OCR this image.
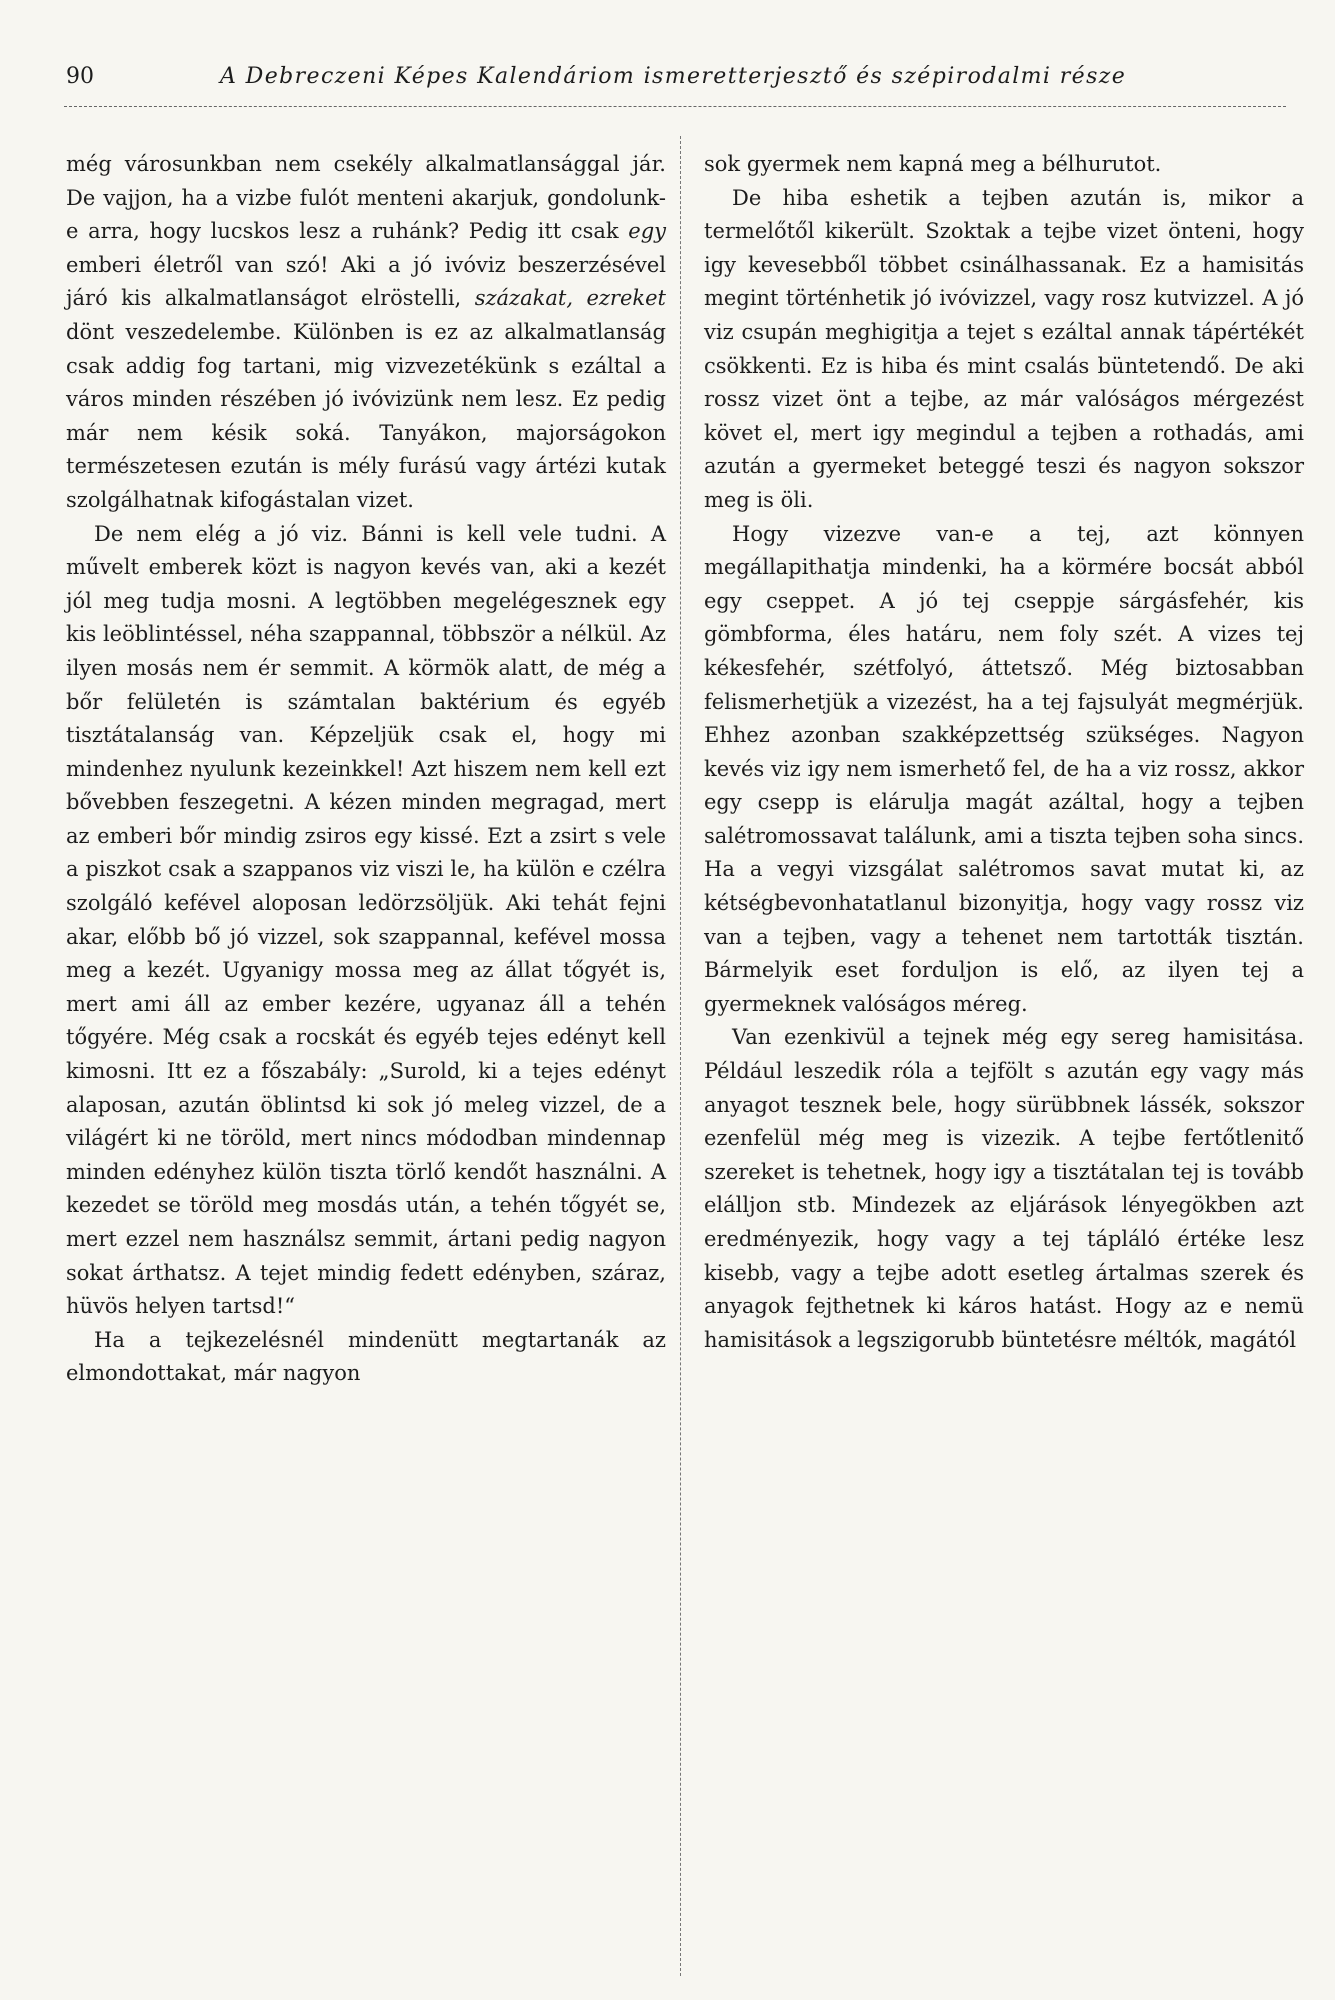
90	A Debreczeni Képes Kalendáriom ismeretterjesztő és szépirodalmi része

még városunkban nem csekély alkalmatlansággal jár. De vajjon, ha a vizbe fulót menteni akarjuk, gondolunk-e arra, hogy lucskos lesz a ruhánk? Pedig itt csak egy emberi életről van szó! Aki a jó ivóviz beszerzésével járó kis alkalmatlanságot elröstelli, százakat, ezreket dönt veszedelembe. Különben is ez az alkalmatlanság csak addig fog tartani, mig vizvezetékünk s ezáltal a város minden részében jó ivóvizünk nem lesz. Ez pedig már nem késik soká. Tanyákon, majorságokon természetesen ezután is mély furású vagy ártézi kutak szolgálhatnak kifogástalan vizet.

De nem elég a jó viz. Bánni is kell vele tudni. A művelt emberek közt is nagyon kevés van, aki a kezét jól meg tudja mosni. A legtöbben megelégesznek egy kis leöblintéssel, néha szappannal, többször a nélkül. Az ilyen mosás nem ér semmit. A körmök alatt, de még a bőr felületén is számtalan baktérium és egyéb tisztátalanság van. Képzeljük csak el, hogy mi mindenhez nyulunk kezeinkkel! Azt hiszem nem kell ezt bővebben feszegetni. A kézen minden megragad, mert az emberi bőr mindig zsiros egy kissé. Ezt a zsirt s vele a piszkot csak a szappanos viz viszi le, ha külön e czélra szolgáló kefével aloposan ledörzsöljük. Aki tehát fejni akar, előbb bő jó vizzel, sok szappannal, kefével mossa meg a kezét. Ugyanigy mossa meg az állat tőgyét is, mert ami áll az ember kezére, ugyanaz áll a tehén tőgyére. Még csak a rocskát és egyéb tejes edényt kell kimosni. Itt ez a főszabály: „Surold, ki a tejes edényt alaposan, azután öblintsd ki sok jó meleg vizzel, de a világért ki ne töröld, mert nincs módodban mindennap minden edényhez külön tiszta törlő kendőt használni. A kezedet se töröld meg mosdás után, a tehén tőgyét se, mert ezzel nem használsz semmit, ártani pedig nagyon sokat árthatsz. A tejet mindig fedett edényben, száraz, hüvös helyen tartsd!“

Ha a tejkezelésnél mindenütt megtartanák az elmondottakat, már nagyon

sok gyermek nem kapná meg a bélhurutot.

De hiba eshetik a tejben azután is, mikor a termelőtől kikerült. Szoktak a tejbe vizet önteni, hogy igy kevesebből többet csinálhassanak. Ez a hamisitás megint történhetik jó ivóvizzel, vagy rosz kutvizzel. A jó viz csupán meghigitja a tejet s ezáltal annak tápértékét csökkenti. Ez is hiba és mint csalás büntetendő. De aki rossz vizet önt a tejbe, az már valóságos mérgezést követ el, mert igy megindul a tejben a rothadás, ami azután a gyermeket beteggé teszi és nagyon sokszor meg is öli.

Hogy vizezve van-e a tej, azt könnyen megállapithatja mindenki, ha a körmére bocsát abból egy cseppet. A jó tej cseppje sárgásfehér, kis gömbforma, éles határu, nem foly szét. A vizes tej kékesfehér, szétfolyó, áttetsző. Még biztosabban felismerhetjük a vizezést, ha a tej fajsulyát megmérjük. Ehhez azonban szakképzettség szükséges. Nagyon kevés viz igy nem ismerhető fel, de ha a viz rossz, akkor egy csepp is elárulja magát azáltal, hogy a tejben salétromossavat találunk, ami a tiszta tejben soha sincs. Ha a vegyi vizsgálat salétromos savat mutat ki, az kétségbevonhatatlanul bizonyitja, hogy vagy rossz viz van a tejben, vagy a tehenet nem tartották tisztán. Bármelyik eset forduljon is elő, az ilyen tej a gyermeknek valóságos méreg.

Van ezenkivül a tejnek még egy sereg hamisitása. Például leszedik róla a tejfölt s azután egy vagy más anyagot tesznek bele, hogy sürübbnek lássék, sokszor ezenfelül még meg is vizezik. A tejbe fertőtlenitő szereket is tehetnek, hogy igy a tisztátalan tej is tovább elálljon stb. Mindezek az eljárások lényegökben azt eredményezik, hogy vagy a tej tápláló értéke lesz kisebb, vagy a tejbe adott esetleg ártalmas szerek és anyagok fejthetnek ki káros hatást. Hogy az e nemü hamisitások a legszigorubb büntetésre méltók, magától
